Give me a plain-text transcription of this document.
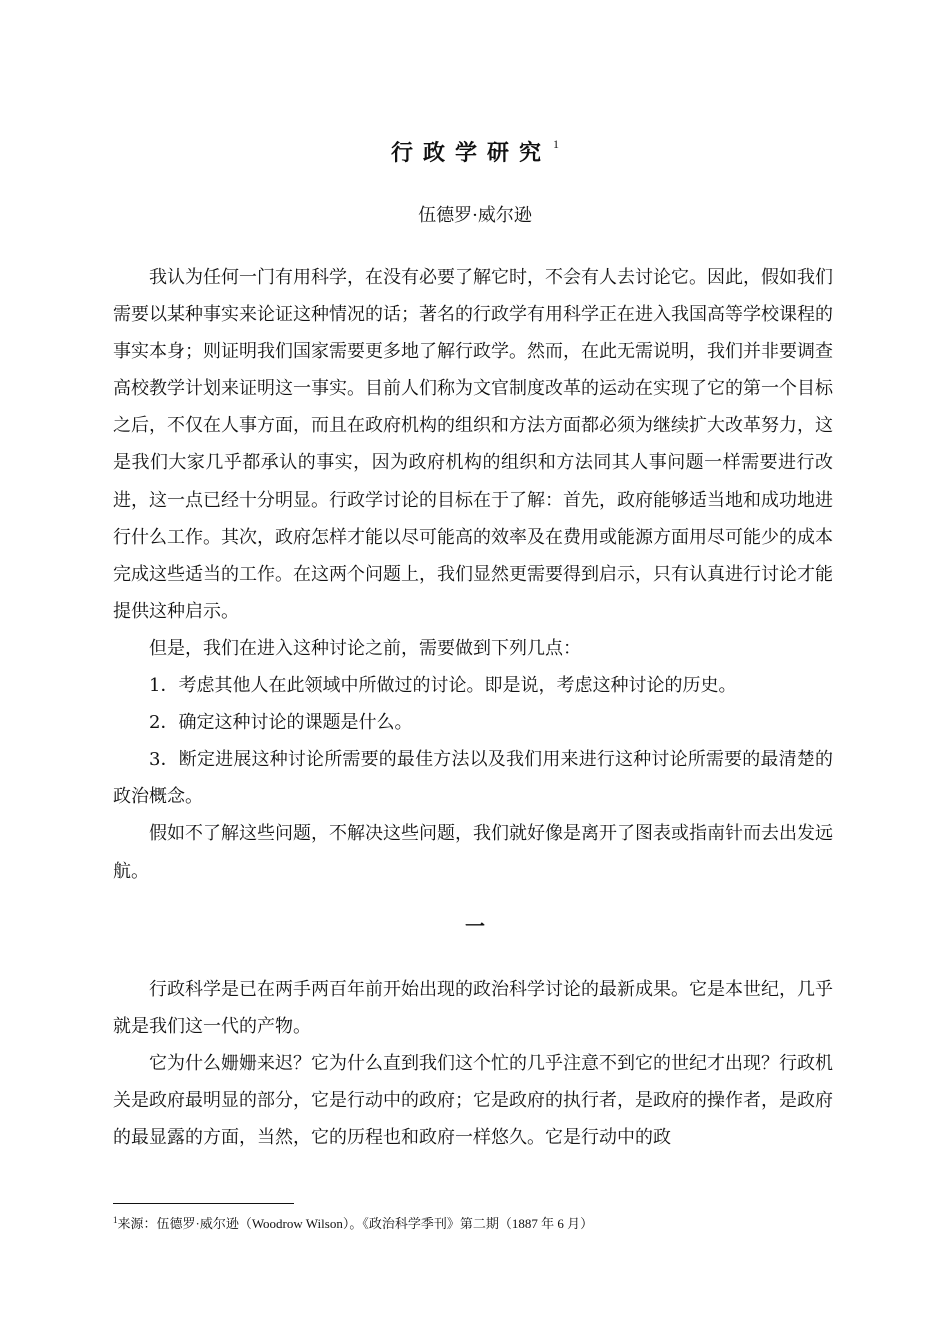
行政学研究 $^1$
伍德罗·威尔逊

我认为任何一门有用科学，在没有必要了解它时，不会有人去讨论它。因此，假如我们需要以某种事实来论证这种情况的话；著名的行政学有用科学正在进入我国高等学校课程的事实本身；则证明我们国家需要更多地了解行政学。然而，在此无需说明，我们并非要调查高校教学计划来证明这一事实。目前人们称为文官制度改革的运动在实现了它的第一个目标之后，不仅在人事方面，而且在政府机构的组织和方法方面都必须为继续扩大改革努力，这是我们大家几乎都承认的事实，因为政府机构的组织和方法同其人事问题一样需要进行改进，这一点已经十分明显。行政学讨论的目标在于了解：首先，政府能够适当地和成功地进行什么工作。其次，政府怎样才能以尽可能高的效率及在费用或能源方面用尽可能少的成本完成这些适当的工作。在这两个问题上，我们显然更需要得到启示，只有认真进行讨论才能提供这种启示。

但是，我们在进入这种讨论之前，需要做到下列几点：

1．考虑其他人在此领域中所做过的讨论。即是说，考虑这种讨论的历史。

2．确定这种讨论的课题是什么。

3．断定进展这种讨论所需要的最佳方法以及我们用来进行这种讨论所需要的最清楚的政治概念。

假如不了解这些问题，不解决这些问题，我们就好像是离开了图表或指南针而去出发远航。

一

行政科学是已在两手两百年前开始出现的政治科学讨论的最新成果。它是本世纪，几乎就是我们这一代的产物。

它为什么姗姗来迟？它为什么直到我们这个忙的几乎注意不到它的世纪才出现？行政机关是政府最明显的部分，它是行动中的政府；它是政府的执行者，是政府的操作者，是政府的最显露的方面，当然，它的历程也和政府一样悠久。它是行动中的政

$^1$来源：伍德罗·威尔逊（Woodrow Wilson）。《政治科学季刊》第二期（1887 年 6 月）
